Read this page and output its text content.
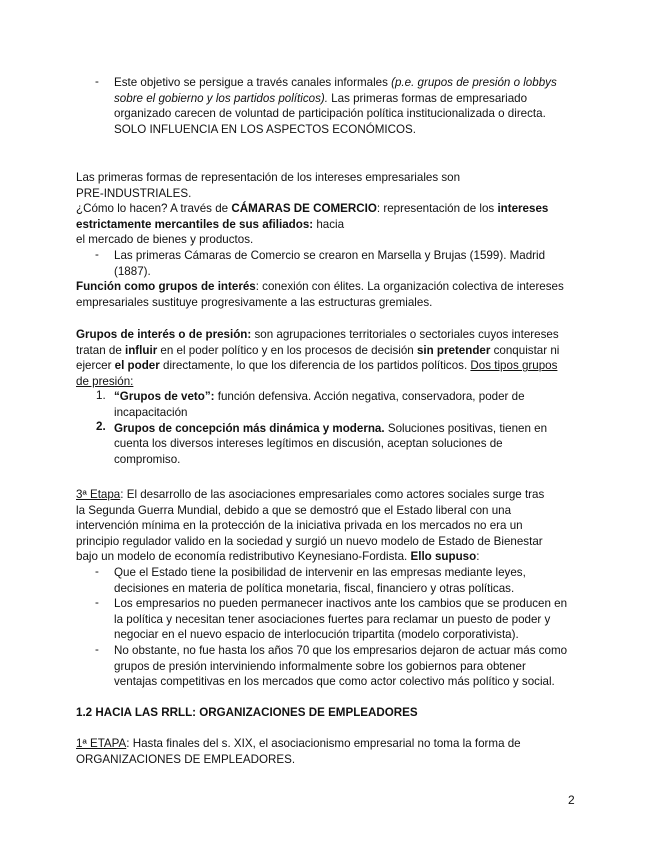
-	Este objetivo se persigue a través canales informales (p.e. grupos de presión o lobbys
sobre el gobierno y los partidos políticos). Las primeras formas de empresariado
organizado carecen de voluntad de participación política institucionalizada o directa.
SOLO INFLUENCIA EN LOS ASPECTOS ECONÓMICOS.
Las primeras formas de representación de los intereses empresariales son
PRE-INDUSTRIALES.
¿Cómo lo hacen? A través de CÁMARAS DE COMERCIO: representación de los intereses
estrictamente mercantiles de sus afiliados: hacia
el mercado de bienes y productos.
Las primeras Cámaras de Comercio se crearon en Marsella y Brujas (1599). Madrid
(1887).
Función como grupos de interés: conexión con élites. La organización colectiva de intereses
empresariales sustituye progresivamente a las estructuras gremiales.
-
Grupos de interés o de presión: son agrupaciones territoriales o sectoriales cuyos intereses
tratan de influir en el poder político y en los procesos de decisión sin pretender conquistar ni
ejercer el poder directamente, lo que los diferencia de los partidos políticos. Dos tipos grupos
de presión:
“Grupos de veto”: función defensiva. Acción negativa, conservadora, poder de
incapacitación
Grupos de concepción más dinámica y moderna. Soluciones positivas, tienen en
cuenta los diversos intereses legítimos en discusión, aceptan soluciones de
compromiso.
1.
2.
3ª Etapa: El desarrollo de las asociaciones empresariales como actores sociales surge tras
la Segunda Guerra Mundial, debido a que se demostró que el Estado liberal con una
intervención mínima en la protección de la iniciativa privada en los mercados no era un
principio regulador valido en la sociedad y surgió un nuevo modelo de Estado de Bienestar
bajo un modelo de economía redistributivo Keynesiano-Fordista. Ello supuso:
Que el Estado tiene la posibilidad de intervenir en las empresas mediante leyes,
decisiones en materia de política monetaria, fiscal, financiero y otras políticas.
Los empresarios no pueden permanecer inactivos ante los cambios que se producen en
la política y necesitan tener asociaciones fuertes para reclamar un puesto de poder y
negociar en el nuevo espacio de interlocución tripartita (modelo corporativista).
No obstante, no fue hasta los años 70 que los empresarios dejaron de actuar más como
grupos de presión interviniendo informalmente sobre los gobiernos para obtener
ventajas competitivas en los mercados que como actor colectivo más político y social.
-
-
-
1.2 HACIA LAS RRLL: ORGANIZACIONES DE EMPLEADORES
1ª ETAPA: Hasta finales del s. XIX, el asociacionismo empresarial no toma la forma de
ORGANIZACIONES DE EMPLEADORES.
2
